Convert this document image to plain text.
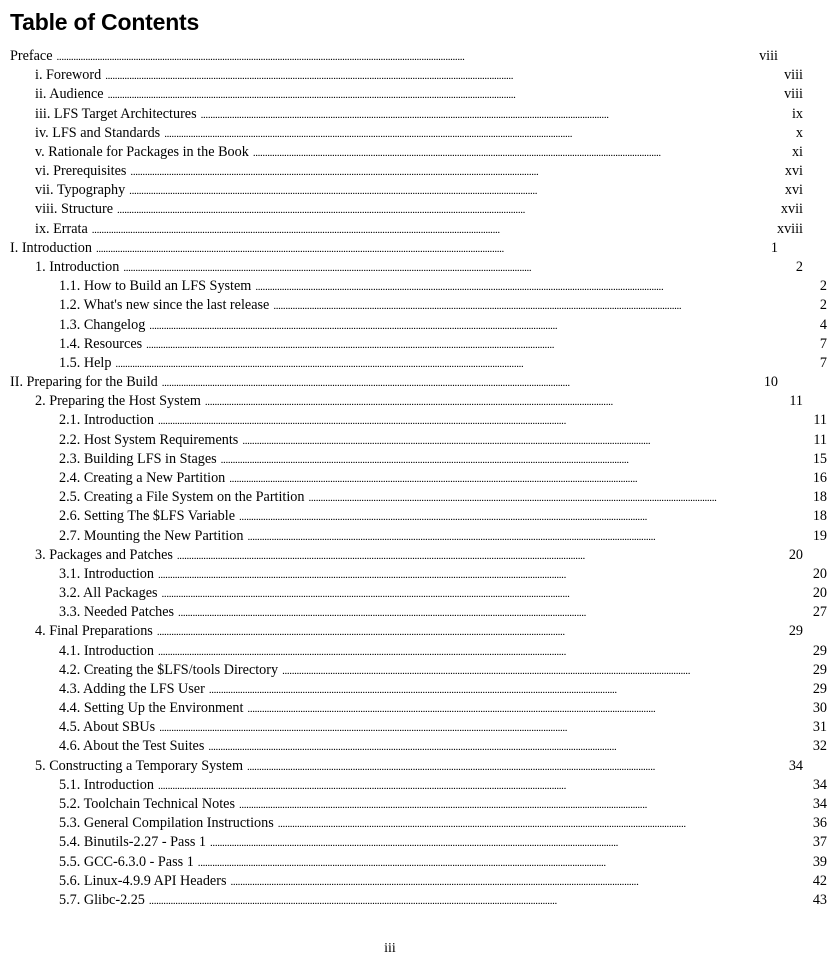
Table of Contents
Preface . . .	viii
i. Foreword . . .	viii
ii. Audience . . .	viii
iii. LFS Target Architectures . . .	ix
iv. LFS and Standards . . .	x
v. Rationale for Packages in the Book . . .	xi
vi. Prerequisites . . .	xvi
vii. Typography . . .	xvi
viii. Structure . . .	xvii
ix. Errata . . .	xviii
I. Introduction . . .	1
1. Introduction . . .	2
1.1. How to Build an LFS System . . .	2
1.2. What's new since the last release . . .	2
1.3. Changelog . . .	4
1.4. Resources . . .	7
1.5. Help . . .	7
II. Preparing for the Build . . .	10
2. Preparing the Host System . . .	11
2.1. Introduction . . .	11
2.2. Host System Requirements . . .	11
2.3. Building LFS in Stages . . .	15
2.4. Creating a New Partition . . .	16
2.5. Creating a File System on the Partition . . .	18
2.6. Setting The $LFS Variable . . .	18
2.7. Mounting the New Partition . . .	19
3. Packages and Patches . . .	20
3.1. Introduction . . .	20
3.2. All Packages . . .	20
3.3. Needed Patches . . .	27
4. Final Preparations . . .	29
4.1. Introduction . . .	29
4.2. Creating the $LFS/tools Directory . . .	29
4.3. Adding the LFS User . . .	29
4.4. Setting Up the Environment . . .	30
4.5. About SBUs . . .	31
4.6. About the Test Suites . . .	32
5. Constructing a Temporary System . . .	34
5.1. Introduction . . .	34
5.2. Toolchain Technical Notes . . .	34
5.3. General Compilation Instructions . . .	36
5.4. Binutils-2.27 - Pass 1 . . .	37
5.5. GCC-6.3.0 - Pass 1 . . .	39
5.6. Linux-4.9.9 API Headers . . .	42
5.7. Glibc-2.25 . . .	43
iii
